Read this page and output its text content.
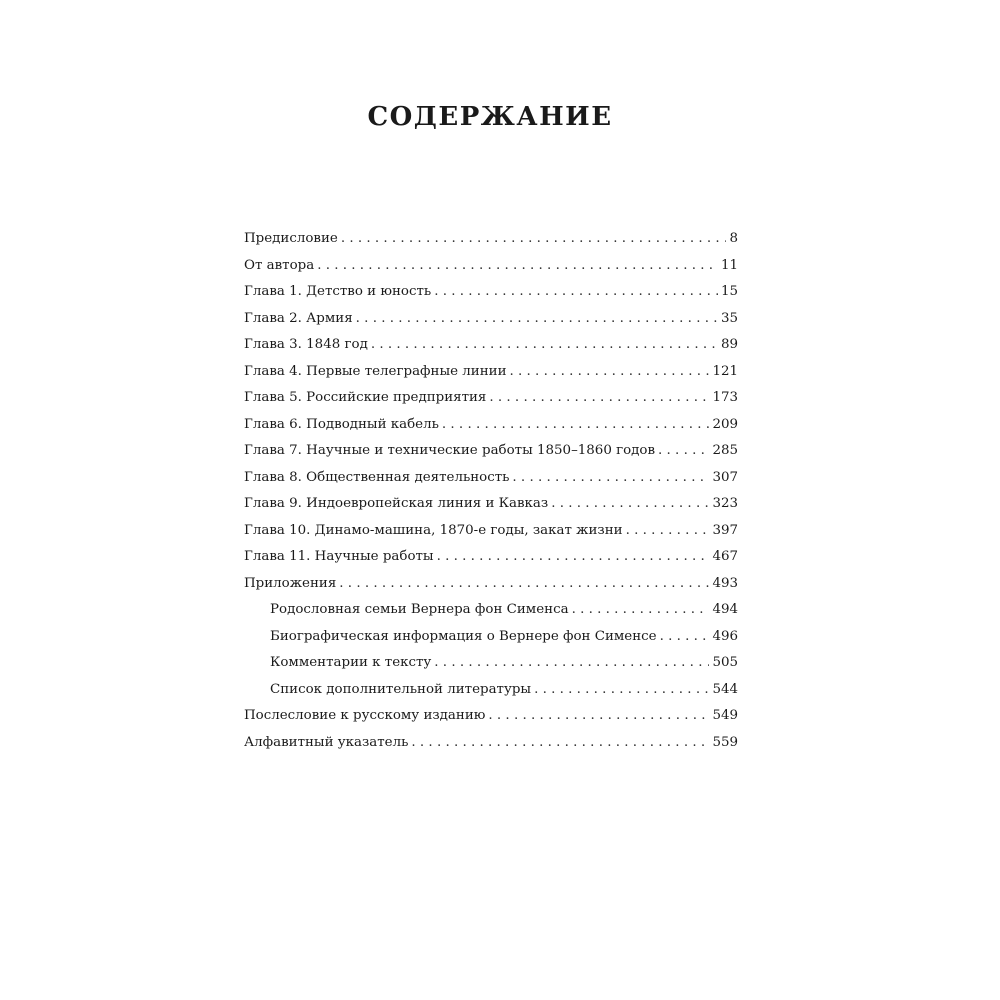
СОДЕРЖАНИЕ
Предисловие . . .	8
От автора . . .	11
Глава 1. Детство и юность . . .	15
Глава 2. Армия . . .	35
Глава 3. 1848 год . . .	89
Глава 4. Первые телеграфные линии . . .	121
Глава 5. Российские предприятия . . .	173
Глава 6. Подводный кабель . . .	209
Глава 7. Научные и технические работы 1850–1860 годов . . .	285
Глава 8. Общественная деятельность . . .	307
Глава 9. Индоевропейская линия и Кавказ . . .	323
Глава 10. Динамо-машина, 1870-е годы, закат жизни . . .	397
Глава 11. Научные работы . . .	467
Приложения . . .	493
Родословная семьи Вернера фон Сименса . . .	494
Биографическая информация о Вернере фон Сименсе . . .	496
Комментарии к тексту . . .	505
Список дополнительной литературы . . .	544
Послесловие к русскому изданию . . .	549
Алфавитный указатель . . .	559
